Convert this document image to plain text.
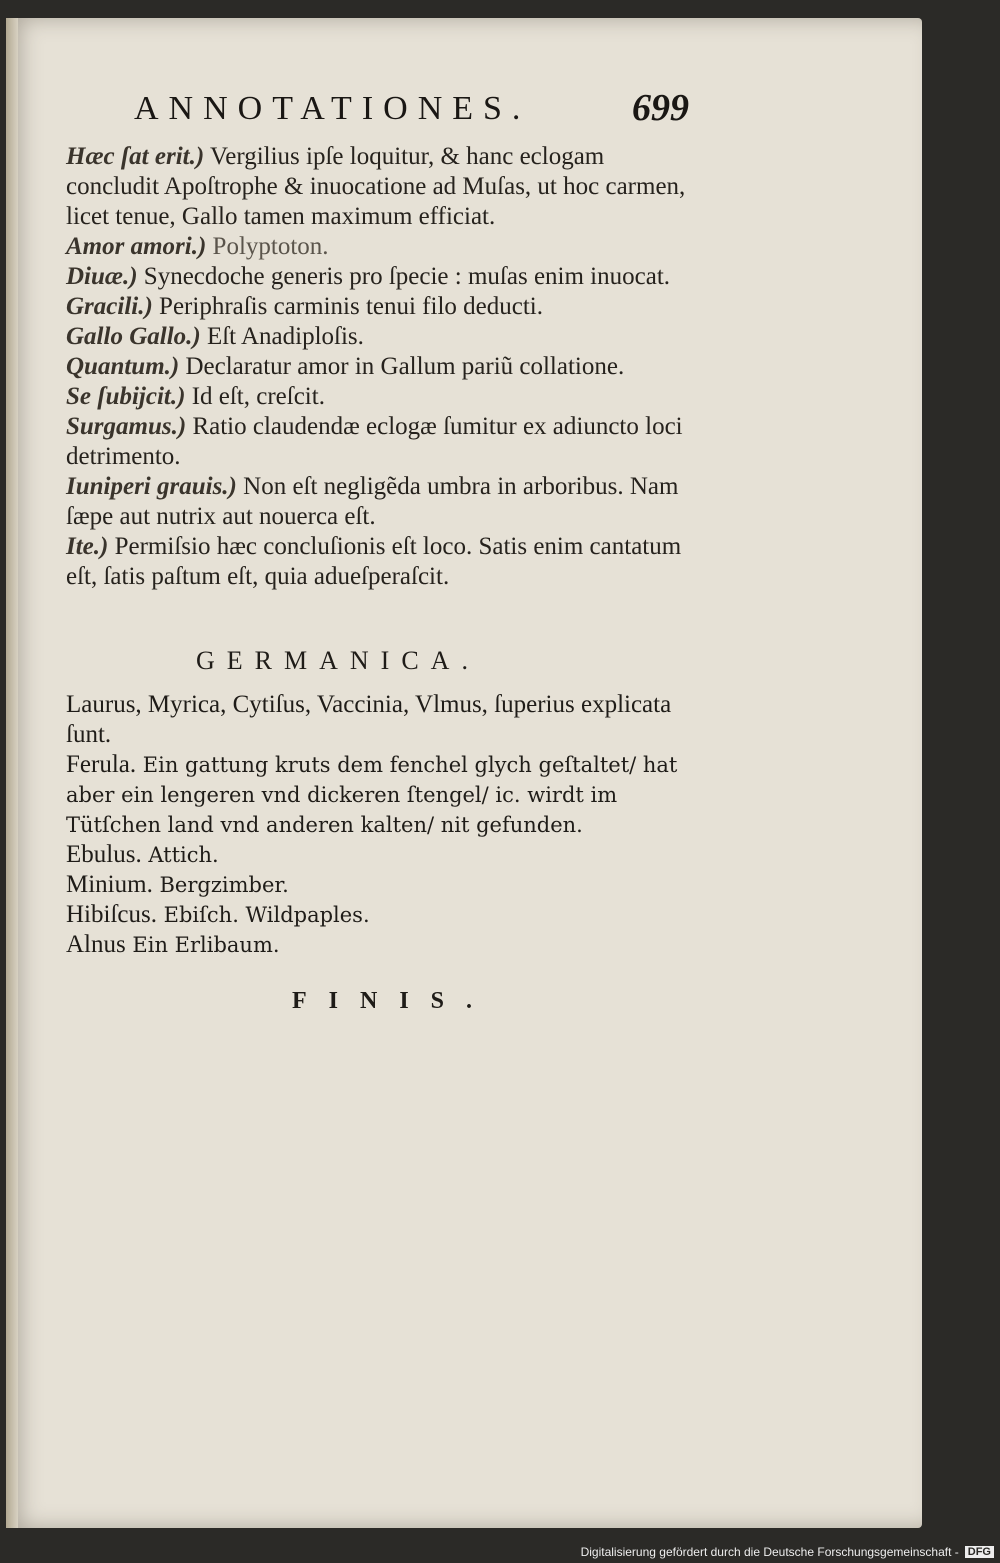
ANNOTATIONES.	699

Hæc ſat erit.) Vergilius ipſe loquitur, & hanc eclogam concludit Apoſtrophe & inuocatione ad Muſas, ut hoc carmen, licet tenue, Gallo tamen maximum efficiat.

Amor amori.) Polyptoton.

Diuæ.) Synecdoche generis pro ſpecie : muſas enim inuocat.

Gracili.) Periphraſis carminis tenui filo deducti.

Gallo Gallo.) Eſt Anadiploſis.

Quantum.) Declaratur amor in Gallum pariũ collatione.

Se ſubijcit.) Id eſt, creſcit.

Surgamus.) Ratio claudendæ eclogæ ſumitur ex adiuncto loci detrimento.

Iuniperi grauis.) Non eſt negligẽda umbra in arboribus. Nam ſæpe aut nutrix aut nouerca eſt.

Ite.) Permiſsio hæc concluſionis eſt loco. Satis enim cantatum eſt, ſatis paſtum eſt, quia adueſperaſcit.

GERMANICA.

Laurus, Myrica, Cytiſus, Vaccinia, Vlmus, ſuperius explicata ſunt.

Ferula. Ein gattung kruts dem fenchel glych geſtaltet/ hat aber ein lengeren vnd dickeren ſtengel/ ic. wirdt im Tütſchen land vnd anderen kalten/ nit gefunden.

Ebulus. Attich.

Minium. Bergzimber.

Hibiſcus. Ebiſch. Wildpaples.

Alnus Ein Erlibaum.

FINIS.
Digitalisierung gefördert durch die Deutsche Forschungsgemeinschaft - DFG
